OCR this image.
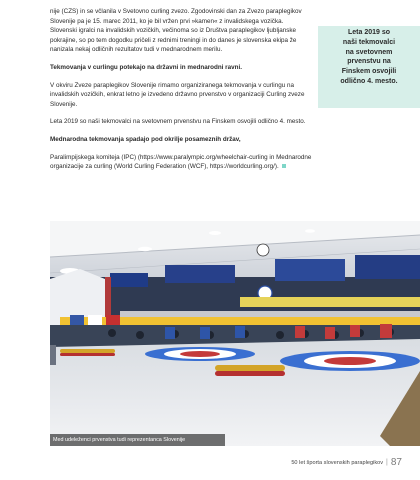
nije (CZS) in se včlanila v Svetovno curling zvezo. Zgodovinski dan za Zvezo paraplegikov Slovenije pa je 15. marec 2011, ko je bil vržen prvi »kamen« z invalidskega vozička. Slovenski igralci na invalidskih vozičkih, večinoma so iz Društva paraplegikov ljubljanske pokrajine, so po tem dogodku pričeli z rednimi treningi in do danes je slovenska ekipa že nanizala nekaj odličnih rezultatov tudi v mednarodnem merilu.

Tekmovanja v curlingu potekajo na državni in mednarodni ravni.

V okviru Zveze paraplegikov Slovenije rimamo organiziranega tekmovanja v curlingu na invalidskih vozičkih, enkrat letno je izvedeno državno prvenstvo v organizaciji Curling zveze Slovenije.

Leta 2019 so naši tekmovalci na svetovnem prvenstvu na Finskem osvojili odlično 4. mesto.

Mednarodna tekmovanja spadajo pod okrilje posameznih držav,

Paralimpijskega komiteja (IPC) (https://www.paralympic.org/wheelchair-curling in Mednarodne organizacije za curling (World Curling Federation (WCF), https://worldcurling.org/).

Leta 2019 so
naši tekmovalci
na svetovnem
prvenstvu na
Finskem osvojili
odlično 4. mesto.
Med udeleženci prvenstva tudi reprezentanca Slovenije
50 let športa slovenskih paraplegikov | 87
